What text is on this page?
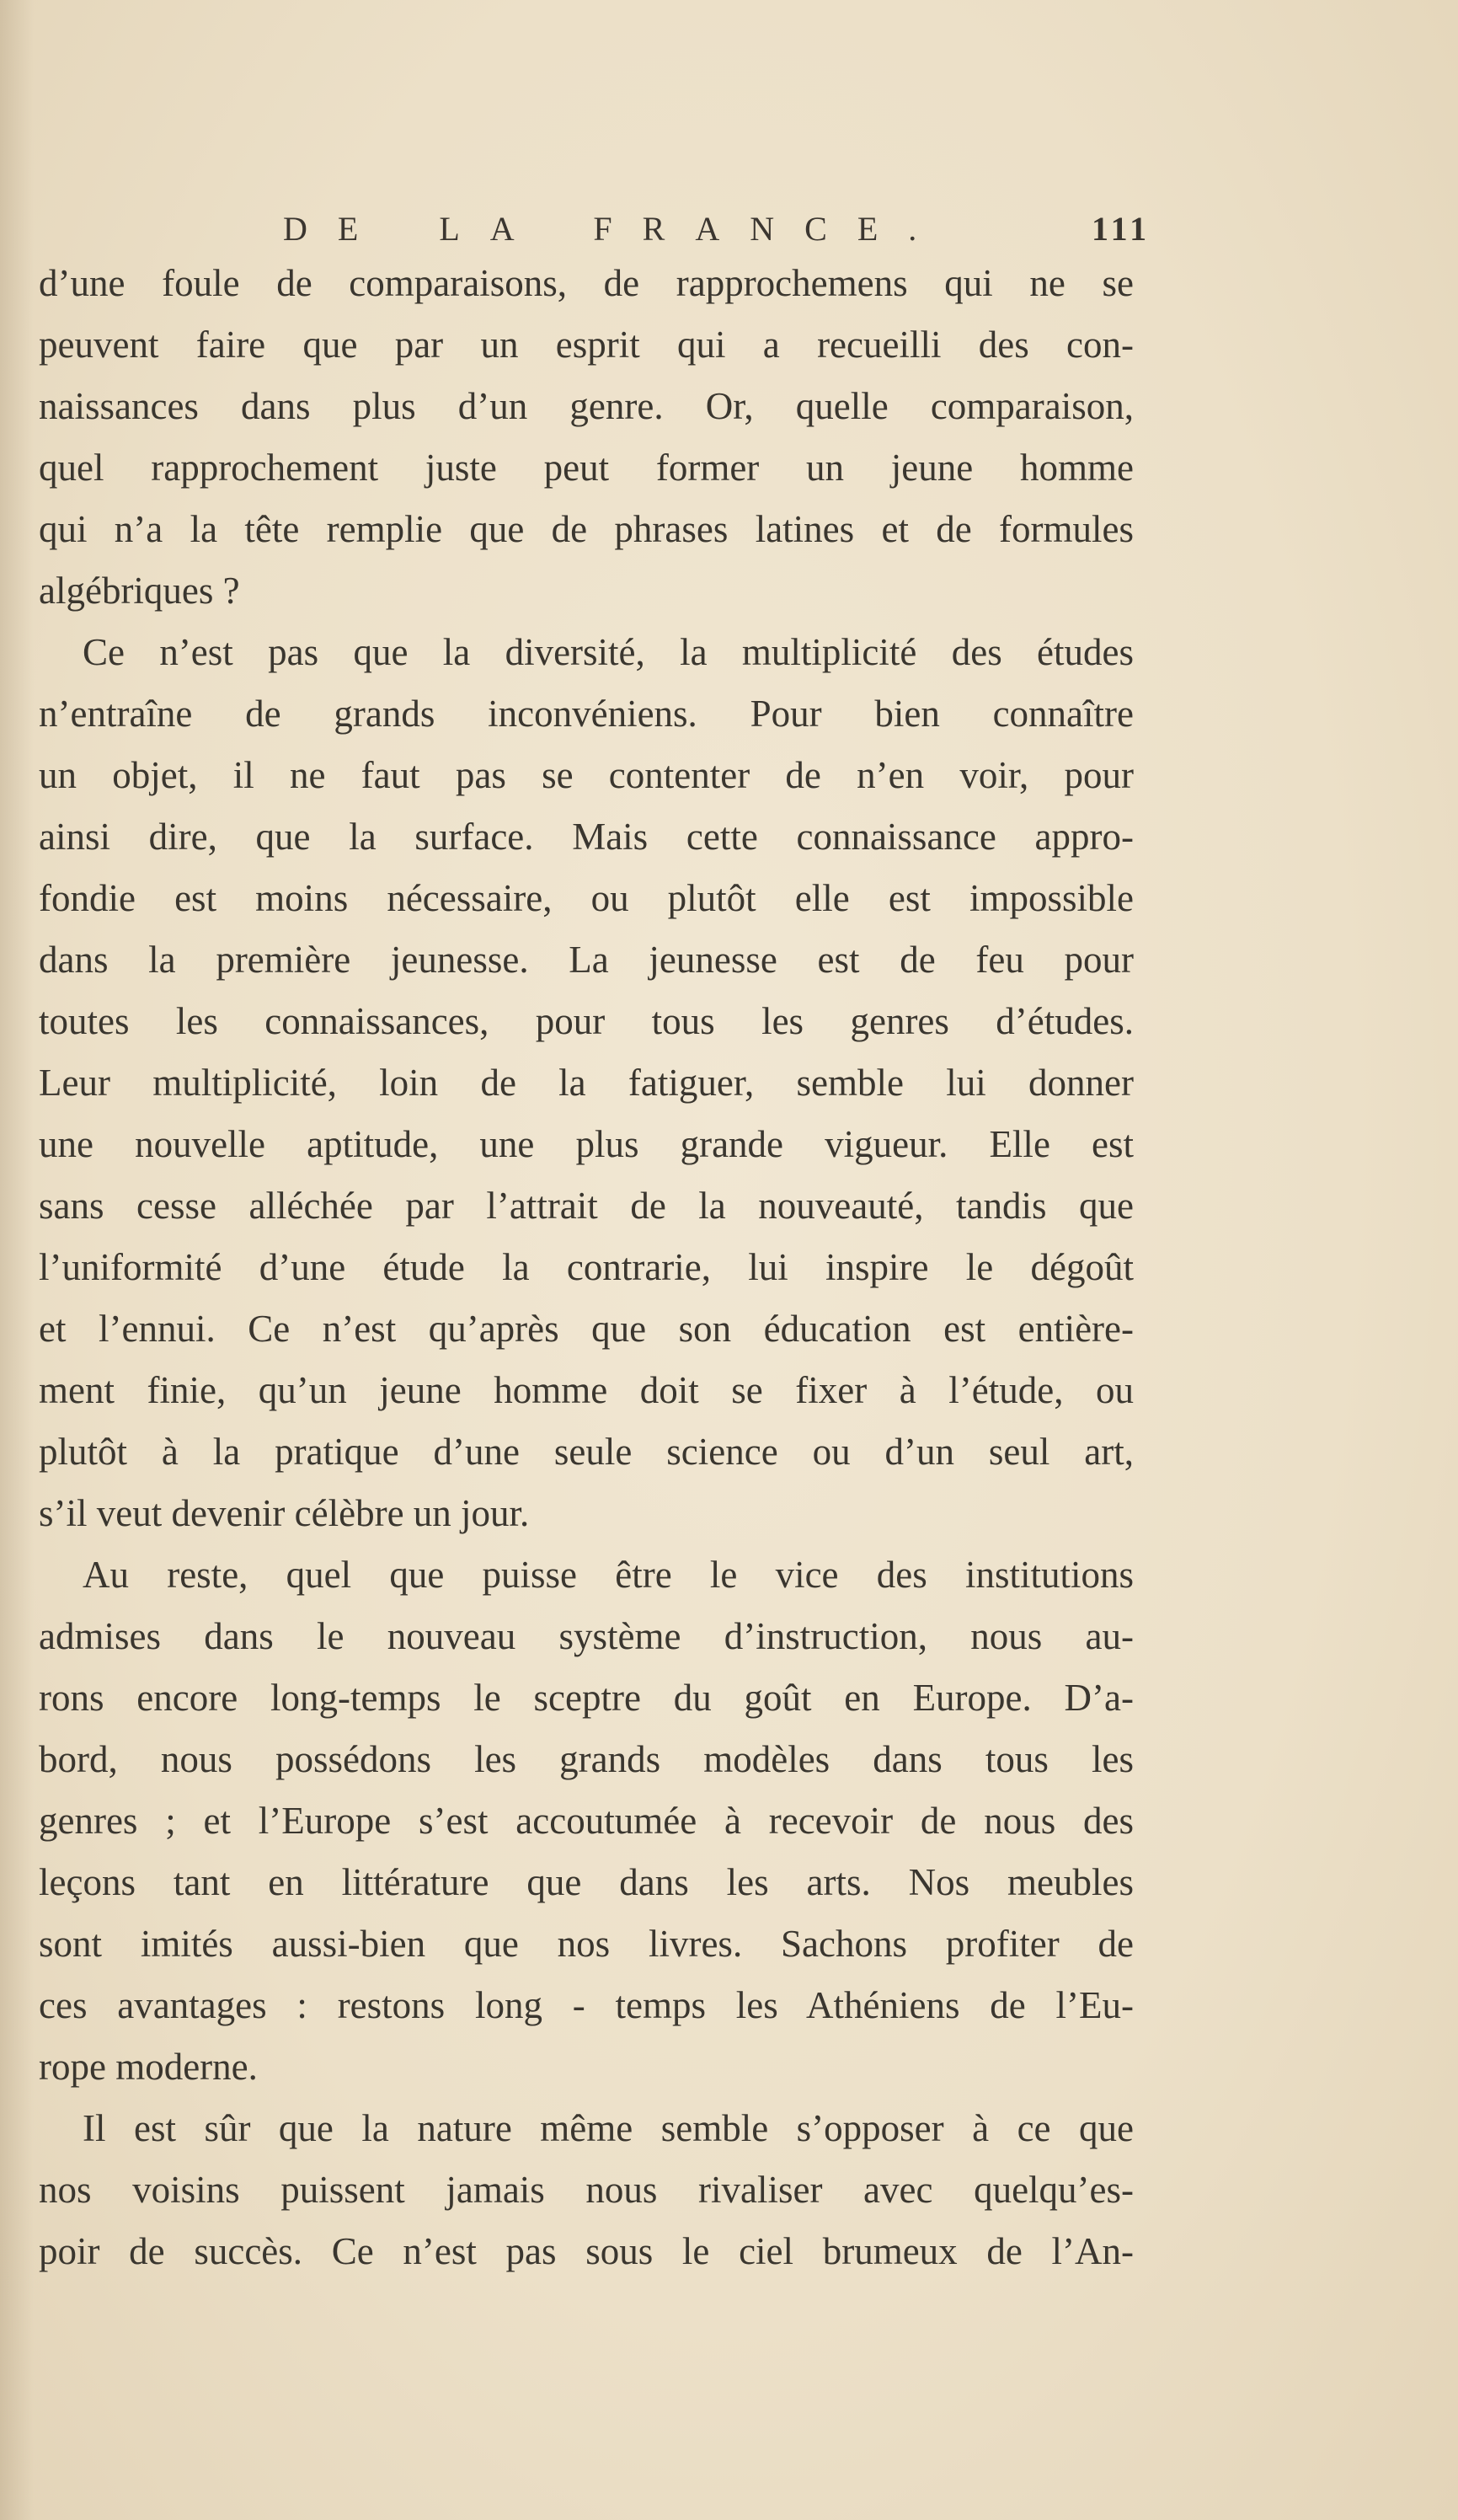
DE LA FRANCE.	111
d’une foule de comparaisons, de rapprochemens qui ne se
peuvent faire que par un esprit qui a recueilli des con-
naissances dans plus d’un genre. Or, quelle comparaison,
quel rapprochement juste peut former un jeune homme
qui n’a la tête remplie que de phrases latines et de formules
algébriques ?
Ce n’est pas que la diversité, la multiplicité des études
n’entraîne de grands inconvéniens. Pour bien connaître
un objet, il ne faut pas se contenter de n’en voir, pour
ainsi dire, que la surface. Mais cette connaissance appro-
fondie est moins nécessaire, ou plutôt elle est impossible
dans la première jeunesse. La jeunesse est de feu pour
toutes les connaissances, pour tous les genres d’études.
Leur multiplicité, loin de la fatiguer, semble lui donner
une nouvelle aptitude, une plus grande vigueur. Elle est
sans cesse alléchée par l’attrait de la nouveauté, tandis que
l’uniformité d’une étude la contrarie, lui inspire le dégoût
et l’ennui. Ce n’est qu’après que son éducation est entière-
ment finie, qu’un jeune homme doit se fixer à l’étude, ou
plutôt à la pratique d’une seule science ou d’un seul art,
s’il veut devenir célèbre un jour.
Au reste, quel que puisse être le vice des institutions
admises dans le nouveau système d’instruction, nous au-
rons encore long-temps le sceptre du goût en Europe. D’a-
bord, nous possédons les grands modèles dans tous les
genres ; et l’Europe s’est accoutumée à recevoir de nous des
leçons tant en littérature que dans les arts. Nos meubles
sont imités aussi-bien que nos livres. Sachons profiter de
ces avantages : restons long - temps les Athéniens de l’Eu-
rope moderne.
Il est sûr que la nature même semble s’opposer à ce que
nos voisins puissent jamais nous rivaliser avec quelqu’es-
poir de succès. Ce n’est pas sous le ciel brumeux de l’An-
